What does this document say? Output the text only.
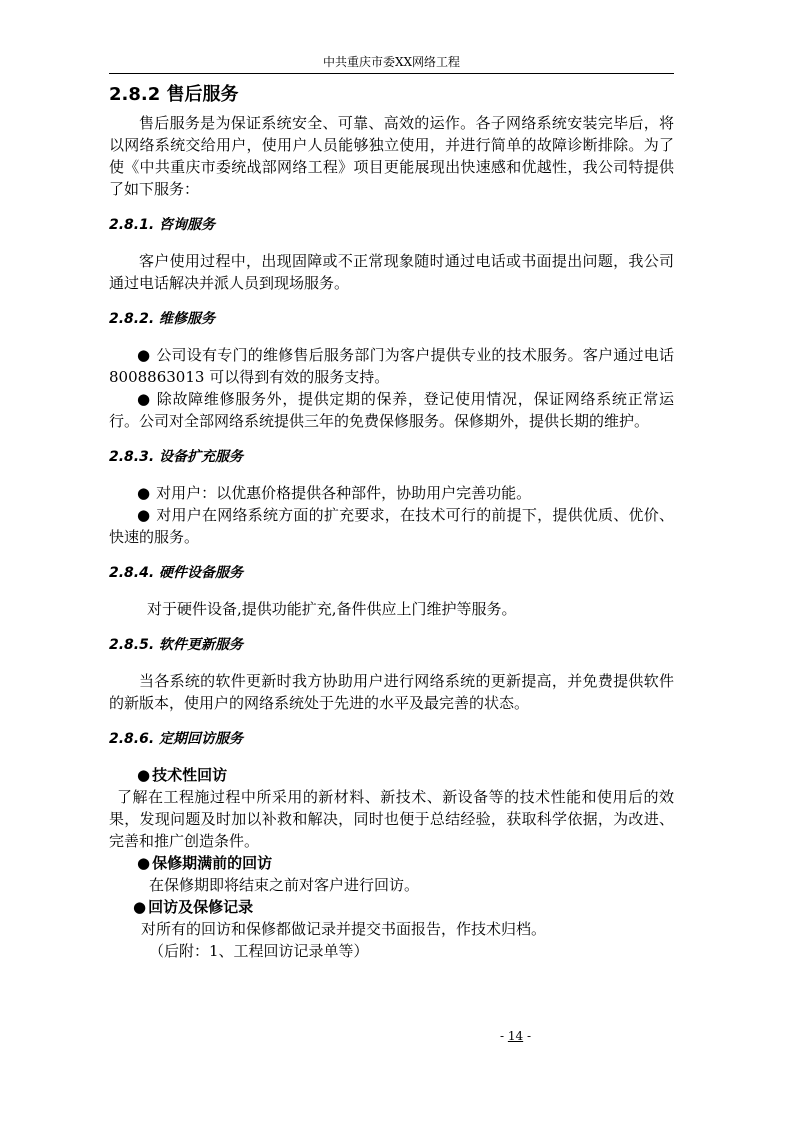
中共重庆市委XX网络工程
2.8.2 售后服务

售后服务是为保证系统安全、可靠、高效的运作。各子网络系统安装完毕后，将以网络系统交给用户，使用户人员能够独立使用，并进行简单的故障诊断排除。为了使《中共重庆市委统战部网络工程》项目更能展现出快速感和优越性，我公司特提供了如下服务：

2.8.1. 咨询服务

客户使用过程中，出现固障或不正常现象随时通过电话或书面提出问题，我公司通过电话解决并派人员到现场服务。

2.8.2. 维修服务

● 公司设有专门的维修售后服务部门为客户提供专业的技术服务。客户通过电话 8008863013 可以得到有效的服务支持。

● 除故障维修服务外，提供定期的保养，登记使用情况，保证网络系统正常运行。公司对全部网络系统提供三年的免费保修服务。保修期外，提供长期的维护。

2.8.3. 设备扩充服务

● 对用户：以优惠价格提供各种部件，协助用户完善功能。

● 对用户在网络系统方面的扩充要求，在技术可行的前提下，提供优质、优价、快速的服务。

2.8.4. 硬件设备服务

对于硬件设备,提供功能扩充,备件供应上门维护等服务。

2.8.5. 软件更新服务

当各系统的软件更新时我方协助用户进行网络系统的更新提高，并免费提供软件的新版本，使用户的网络系统处于先进的水平及最完善的状态。

2.8.6. 定期回访服务

● 技术性回访

了解在工程施过程中所采用的新材料、新技术、新设备等的技术性能和使用后的效果，发现问题及时加以补救和解决，同时也便于总结经验，获取科学依据，为改进、完善和推广创造条件。

● 保修期满前的回访

在保修期即将结束之前对客户进行回访。

● 回访及保修记录

对所有的回访和保修都做记录并提交书面报告，作技术归档。

（后附：1、工程回访记录单等）

- 14 -
